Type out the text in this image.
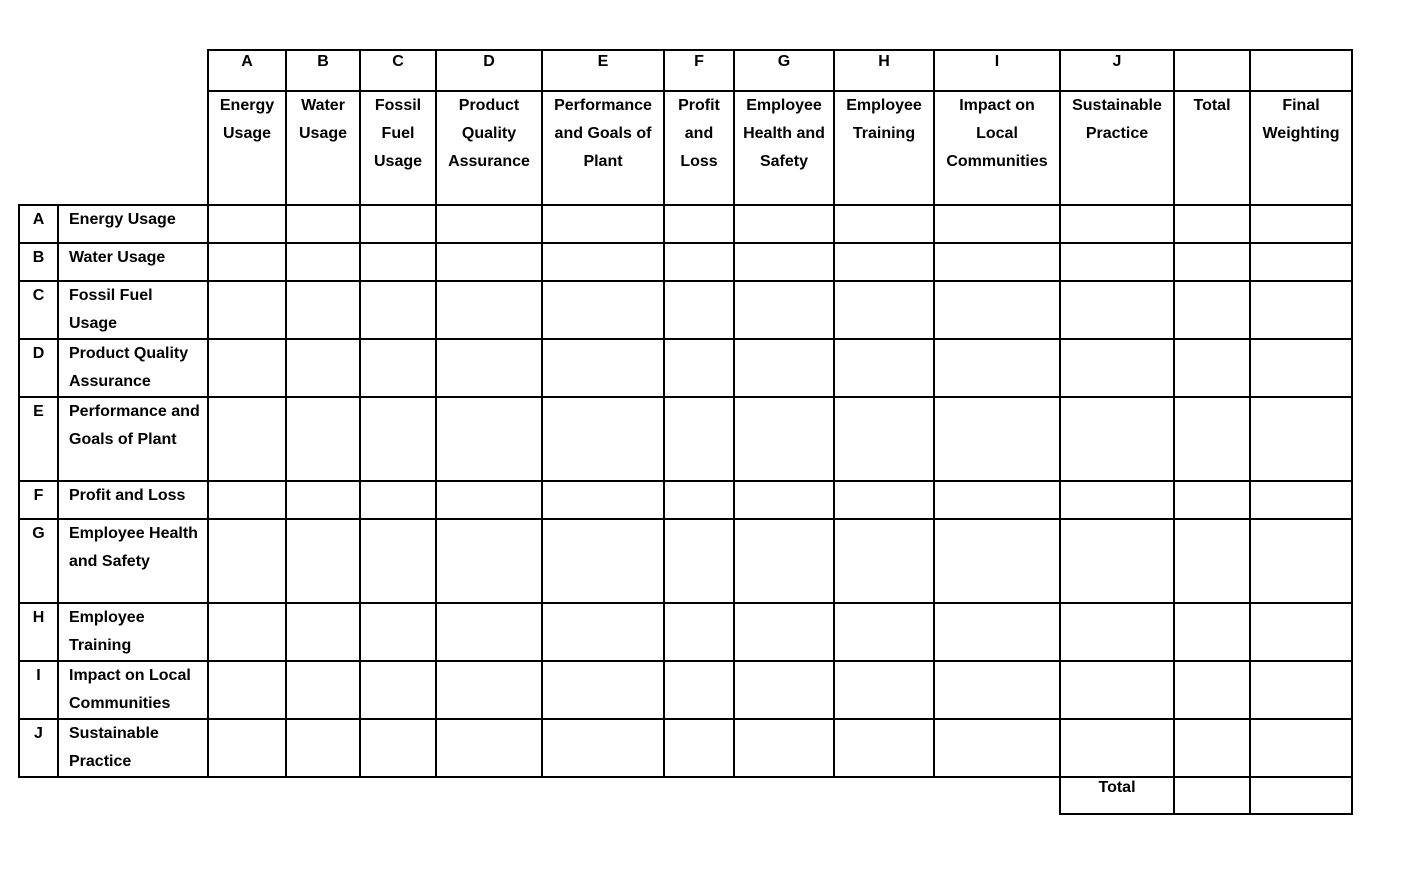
		A	B	C	D	E	F	G	H	I	J		
		Energy Usage	Water Usage	Fossil Fuel Usage	Product Quality Assurance	Performance and Goals of Plant	Profit and Loss	Employee Health and Safety	Employee Training	Impact on Local Communities	Sustainable Practice	Total	Final Weighting
A	Energy Usage												
B	Water Usage												
C	Fossil Fuel Usage												
D	Product Quality Assurance												
E	Performance and Goals of Plant												
F	Profit and Loss												
G	Employee Health and Safety												
H	Employee Training												
I	Impact on Local Communities												
J	Sustainable Practice												
											Total		
